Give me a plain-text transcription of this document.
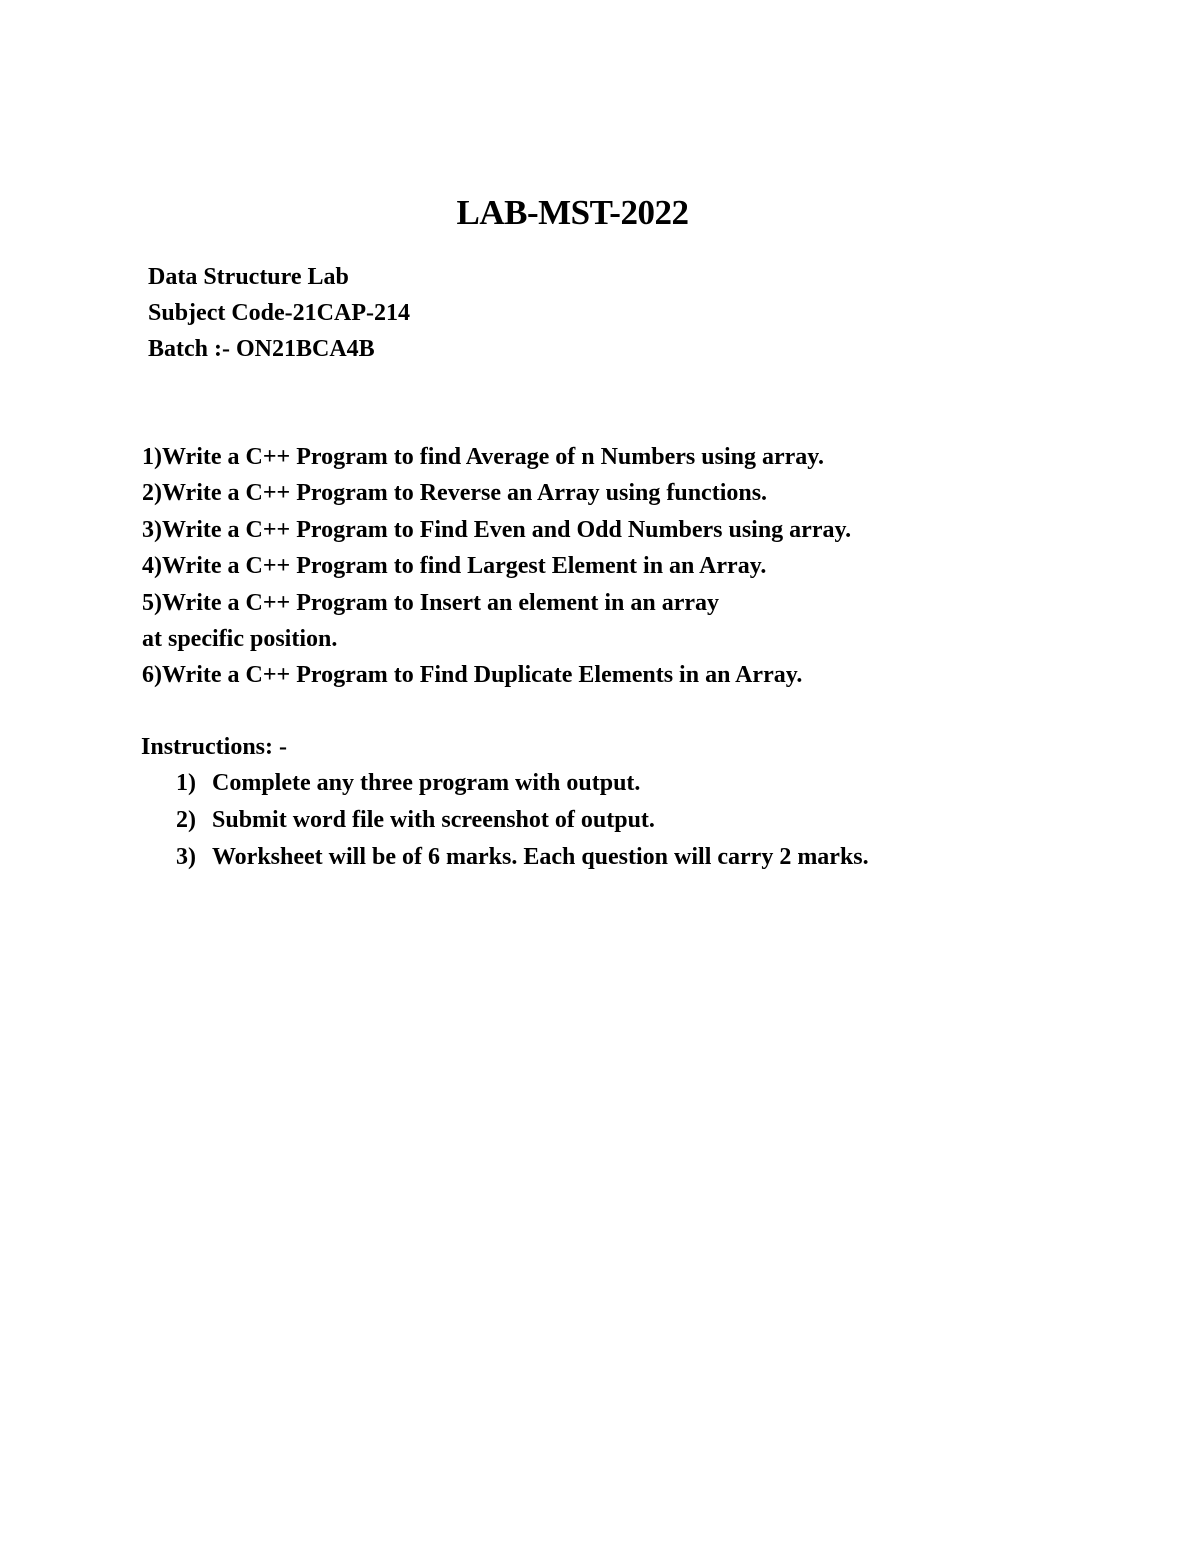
LAB-MST-2022
Data Structure Lab
Subject Code-21CAP-214
Batch :- ON21BCA4B
1)Write a C++ Program to find Average of n Numbers using array.
2)Write a C++ Program to Reverse an Array using functions.
3)Write a C++ Program to Find Even and Odd Numbers using array.
4)Write a C++ Program to find Largest Element in an Array.
5)Write a C++ Program to Insert an element in an array
at specific position.
6)Write a C++ Program to Find Duplicate Elements in an Array.
Instructions: -
1) Complete any three program with output.
2) Submit word file with screenshot of output.
3) Worksheet will be of 6 marks. Each question will carry 2 marks.
